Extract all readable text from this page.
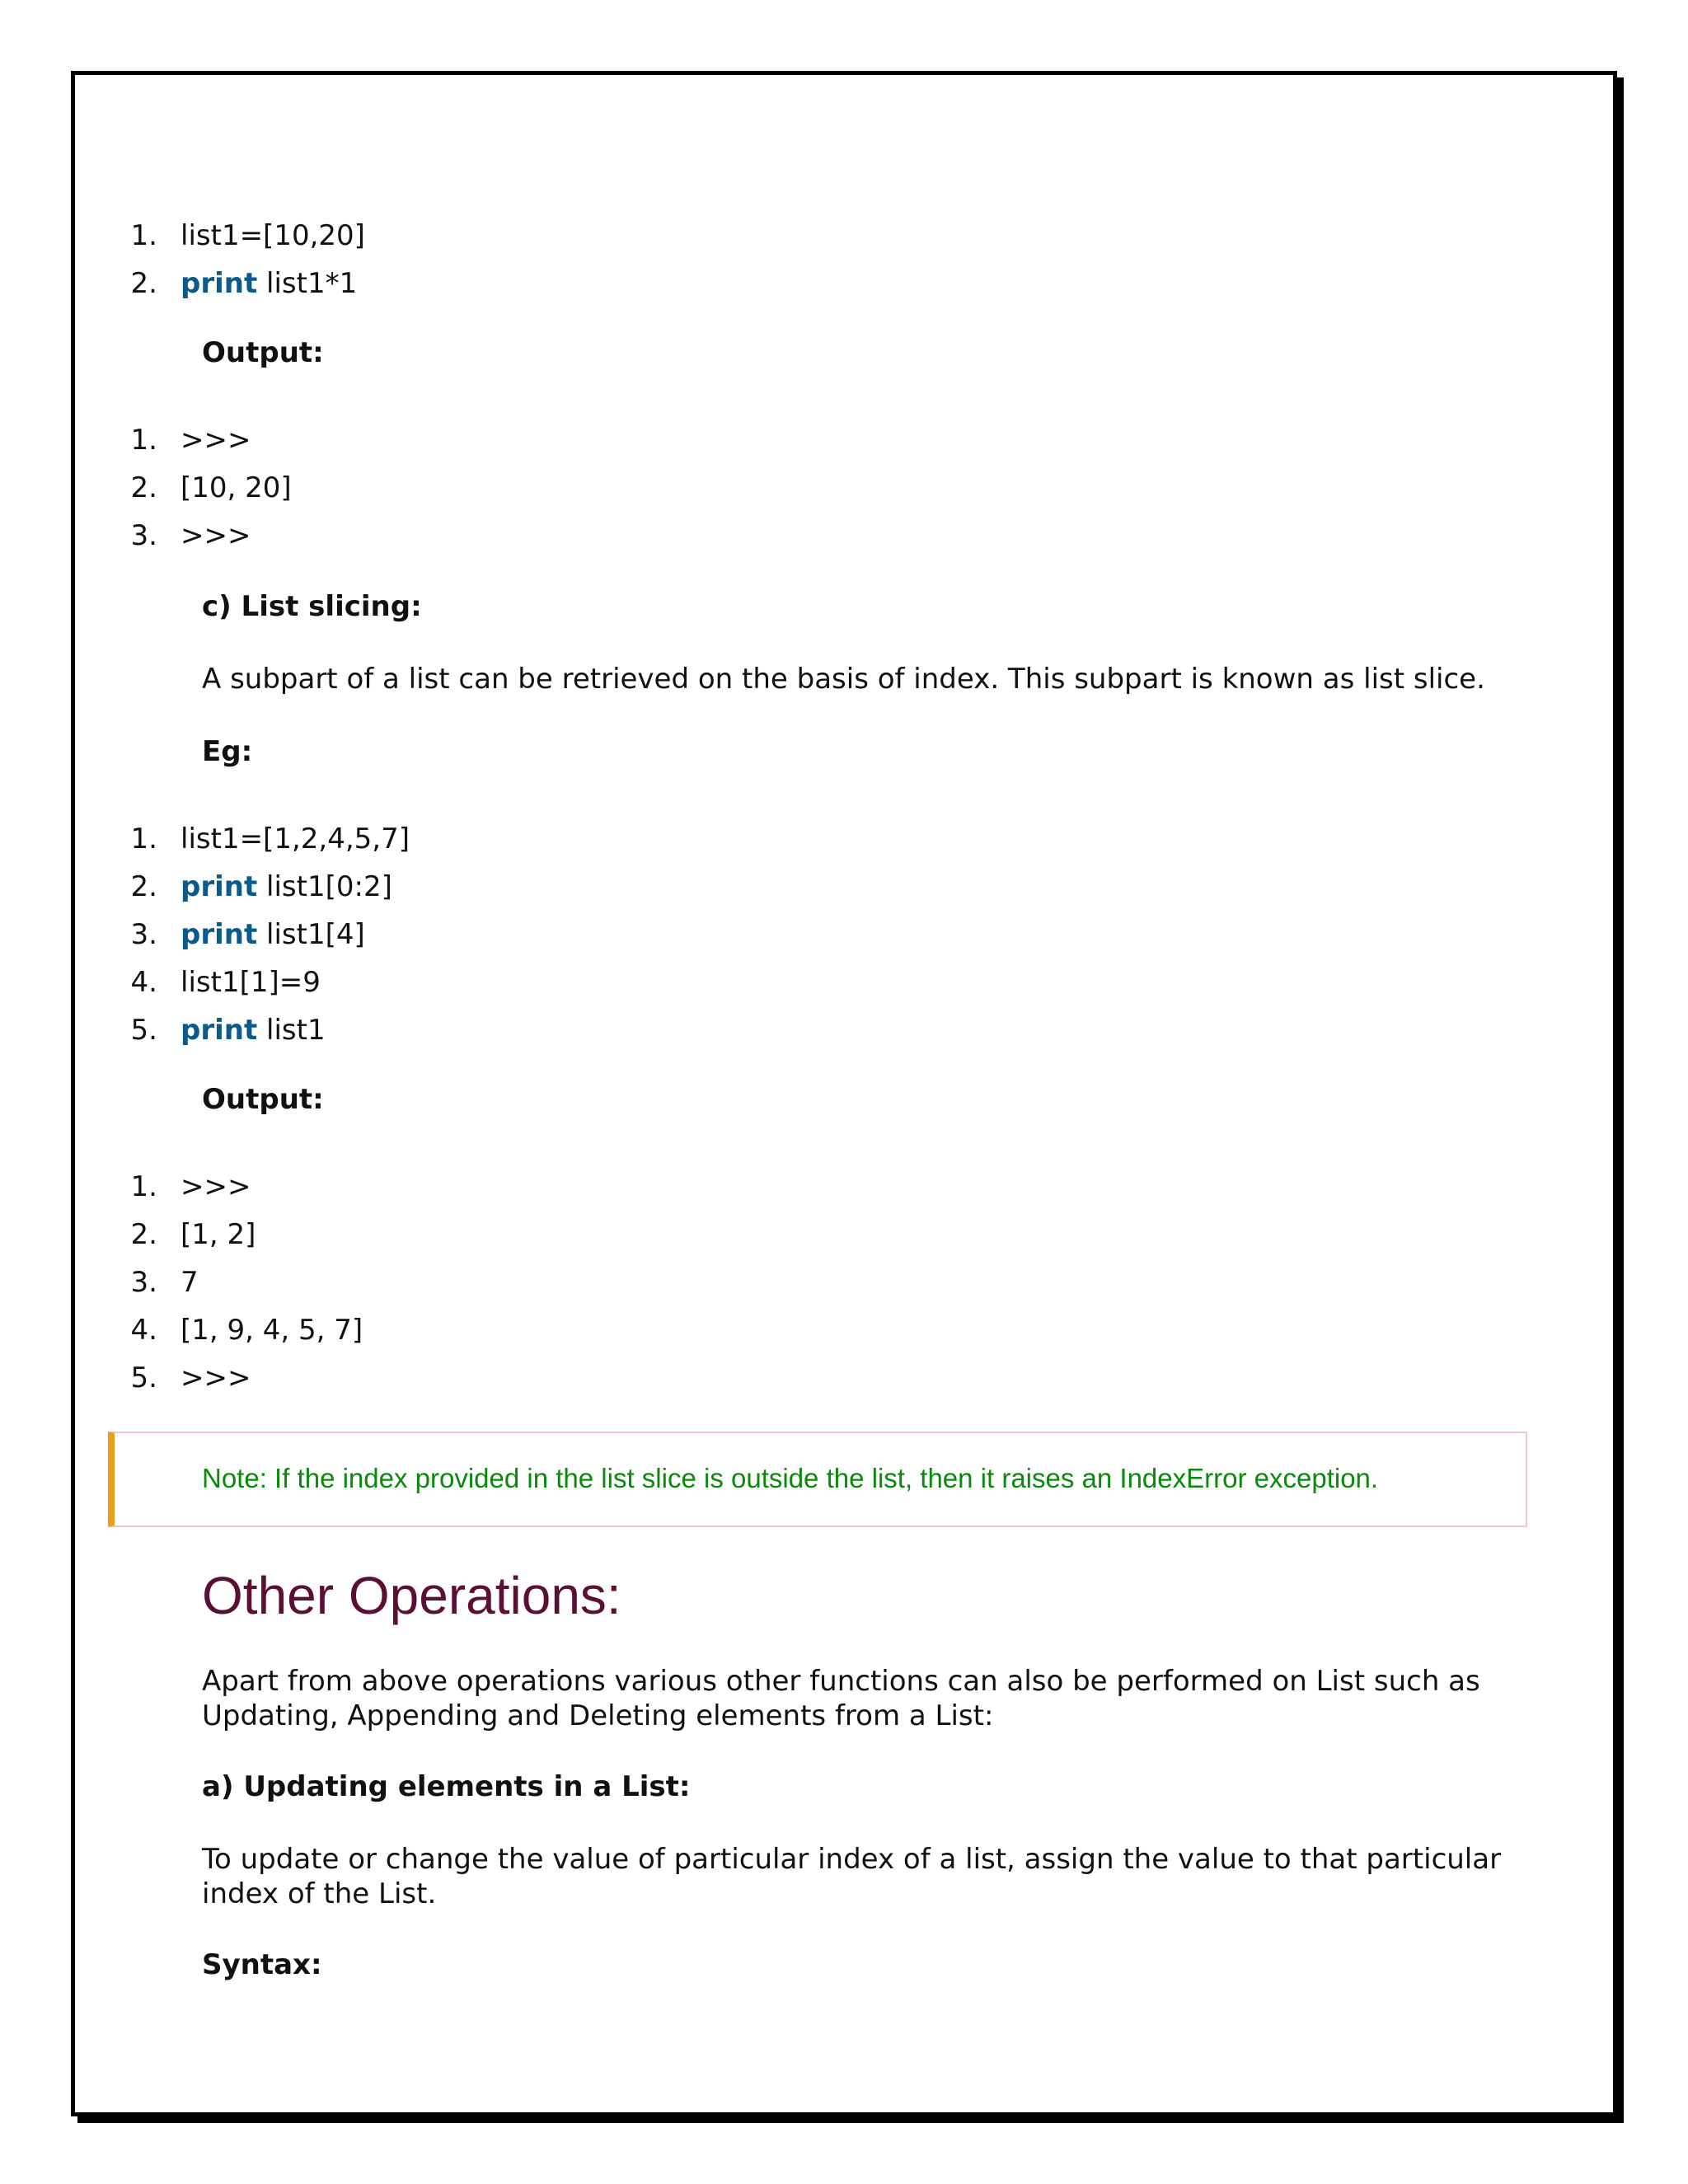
1. list1=[10,20]
2. print list1*1

Output:

1. >>>
2. [10, 20]
3. >>>

c) List slicing:

A subpart of a list can be retrieved on the basis of index. This subpart is known as list slice.

Eg:

1. list1=[1,2,4,5,7]
2. print list1[0:2]
3. print list1[4]
4. list1[1]=9
5. print list1

Output:

1. >>>
2. [1, 2]
3. 7
4. [1, 9, 4, 5, 7]
5. >>>
Note: If the index provided in the list slice is outside the list, then it raises an IndexError exception.
Other Operations:

Apart from above operations various other functions can also be performed on List such as Updating, Appending and Deleting elements from a List:

a) Updating elements in a List:

To update or change the value of particular index of a list, assign the value to that particular index of the List.

Syntax:
